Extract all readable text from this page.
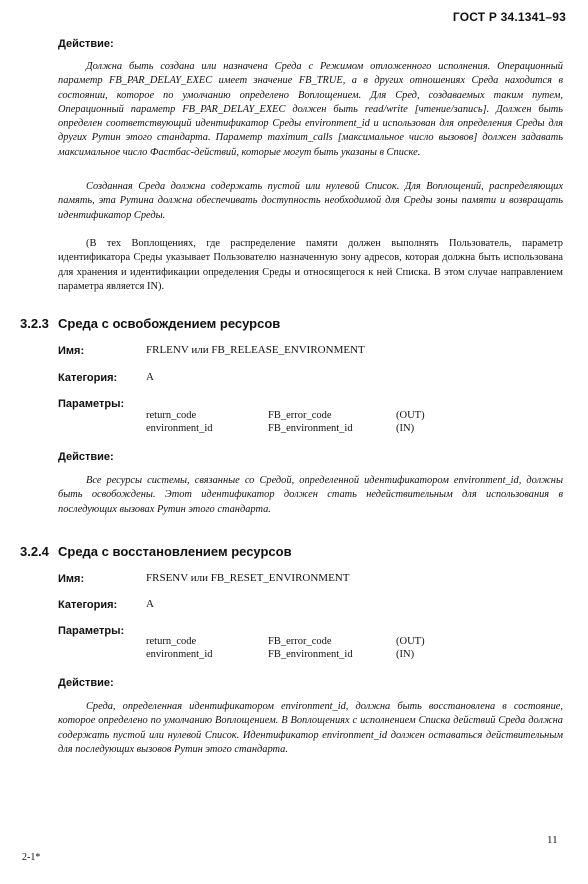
ГОСТ Р 34.1341–93
Действие:

Должна быть создана или назначена Среда с Режимом отложенного исполнения. Операционный параметр FB_PAR_DELAY_EXEC имеет значение FB_TRUE, а в других отношениях Среда находится в состоянии, которое по умолчанию определено Воплощением. Для Сред, создаваемых таким путем, Операционный параметр FB_PAR_DELAY_EXEC должен быть read/write [чтение/запись]. Должен быть определен соответствующий идентификатор Среды environment_id и использован для определения Среды для других Рутин этого стандарта. Параметр maximum_calls [максимальное число вызовов] должен задавать максимальное число Фастбас-действий, которые могут быть указаны в Списке.

Созданная Среда должна содержать пустой или нулевой Список. Для Воплощений, распределяющих память, эта Рутина должна обеспечивать доступность необходимой для Среды зоны памяти и возвращать идентификатор Среды.

(В тех Воплощениях, где распределение памяти должен выполнять Пользователь, параметр идентификатора Среды указывает Пользователю назначенную зону адресов, которая должна быть использована для хранения и идентификации определения Среды и относящегося к ней Списка. В этом случае направлением параметра является IN).

3.2.3 Среда с освобождением ресурсов
Имя:	FRLENV или FB_RELEASE_ENVIRONMENT
Категория:	A
Параметры:
return_code	FB_error_code	(OUT)
environment_id	FB_environment_id	(IN)
Действие:

Все ресурсы системы, связанные со Средой, определенной идентификатором environment_id, должны быть освобождены. Этот идентификатор должен стать недействительным для использования в последующих вызовах Рутин этого стандарта.

3.2.4 Среда с восстановлением ресурсов
Имя:	FRSENV или FB_RESET_ENVIRONMENT
Категория:	A
Параметры:
return_code	FB_error_code	(OUT)
environment_id	FB_environment_id	(IN)
Действие:

Среда, определенная идентификатором environment_id, должна быть восстановлена в состояние, которое определено по умолчанию Воплощением. В Воплощениях с исполнением Списка действий Среда должна содержать пустой или нулевой Список. Идентификатор environment_id должен оставаться действительным для последующих вызовов Рутин этого стандарта.

2-1*
11
